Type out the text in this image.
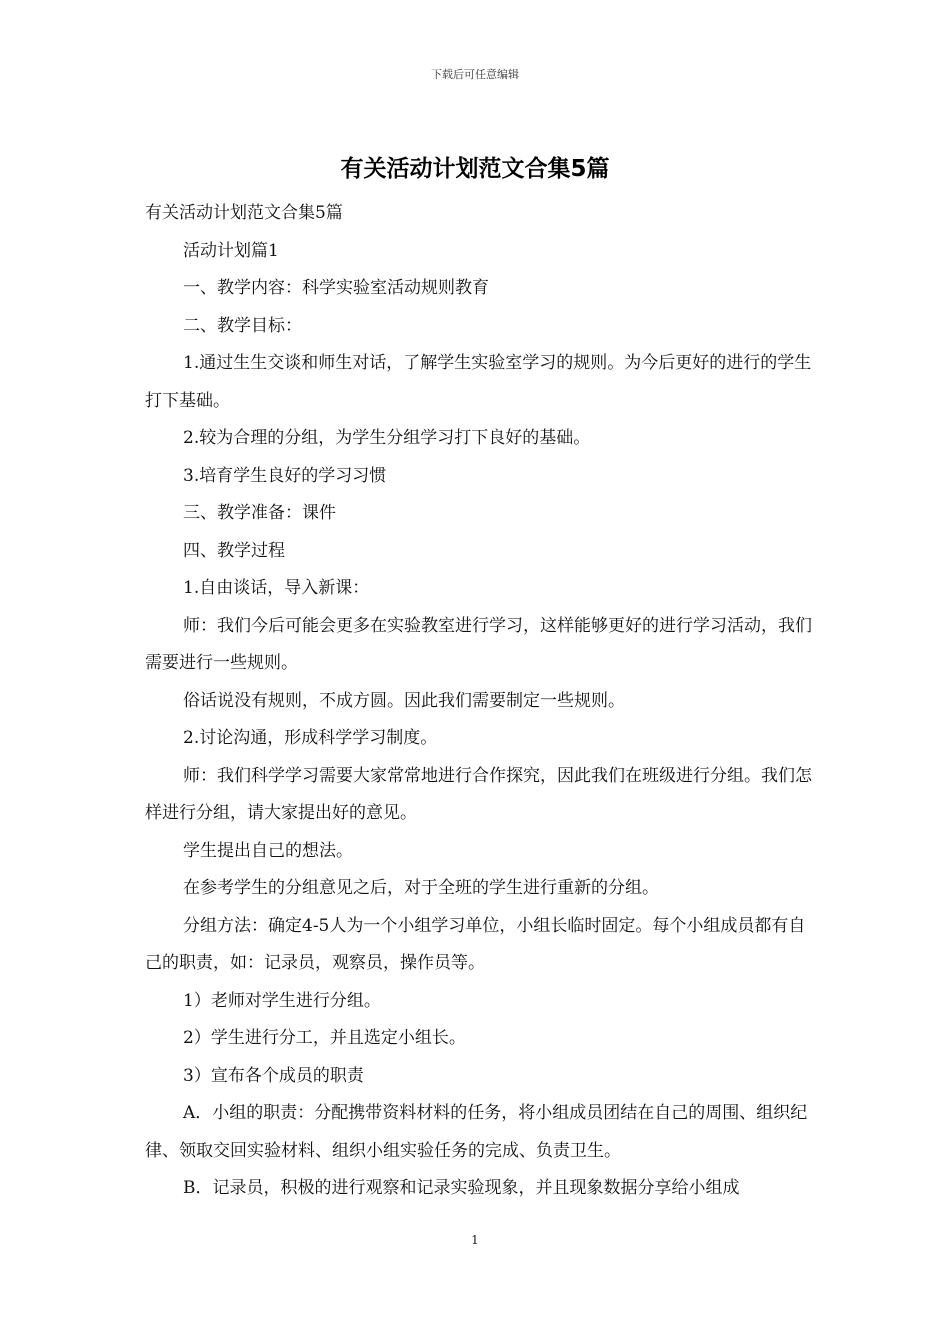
下载后可任意编辑
有关活动计划范文合集5篇

有关活动计划范文合集5篇

活动计划篇1

一、教学内容：科学实验室活动规则教育

二、教学目标：

1.通过生生交谈和师生对话，了解学生实验室学习的规则。为今后更好的进行的学生打下基础。

2.较为合理的分组，为学生分组学习打下良好的基础。

3.培育学生良好的学习习惯

三、教学准备：课件

四、教学过程

1.自由谈话，导入新课：

师：我们今后可能会更多在实验教室进行学习，这样能够更好的进行学习活动，我们需要进行一些规则。

俗话说没有规则，不成方圆。因此我们需要制定一些规则。

2.讨论沟通，形成科学学习制度。

师：我们科学学习需要大家常常地进行合作探究，因此我们在班级进行分组。我们怎样进行分组，请大家提出好的意见。

学生提出自己的想法。

在参考学生的分组意见之后，对于全班的学生进行重新的分组。

分组方法：确定4-5人为一个小组学习单位，小组长临时固定。每个小组成员都有自己的职责，如：记录员，观察员，操作员等。

1）老师对学生进行分组。

2）学生进行分工，并且选定小组长。

3）宣布各个成员的职责

A．小组的职责：分配携带资料材料的任务，将小组成员团结在自己的周围、组织纪律、领取交回实验材料、组织小组实验任务的完成、负责卫生。

B．记录员，积极的进行观察和记录实验现象，并且现象数据分享给小组成

1
